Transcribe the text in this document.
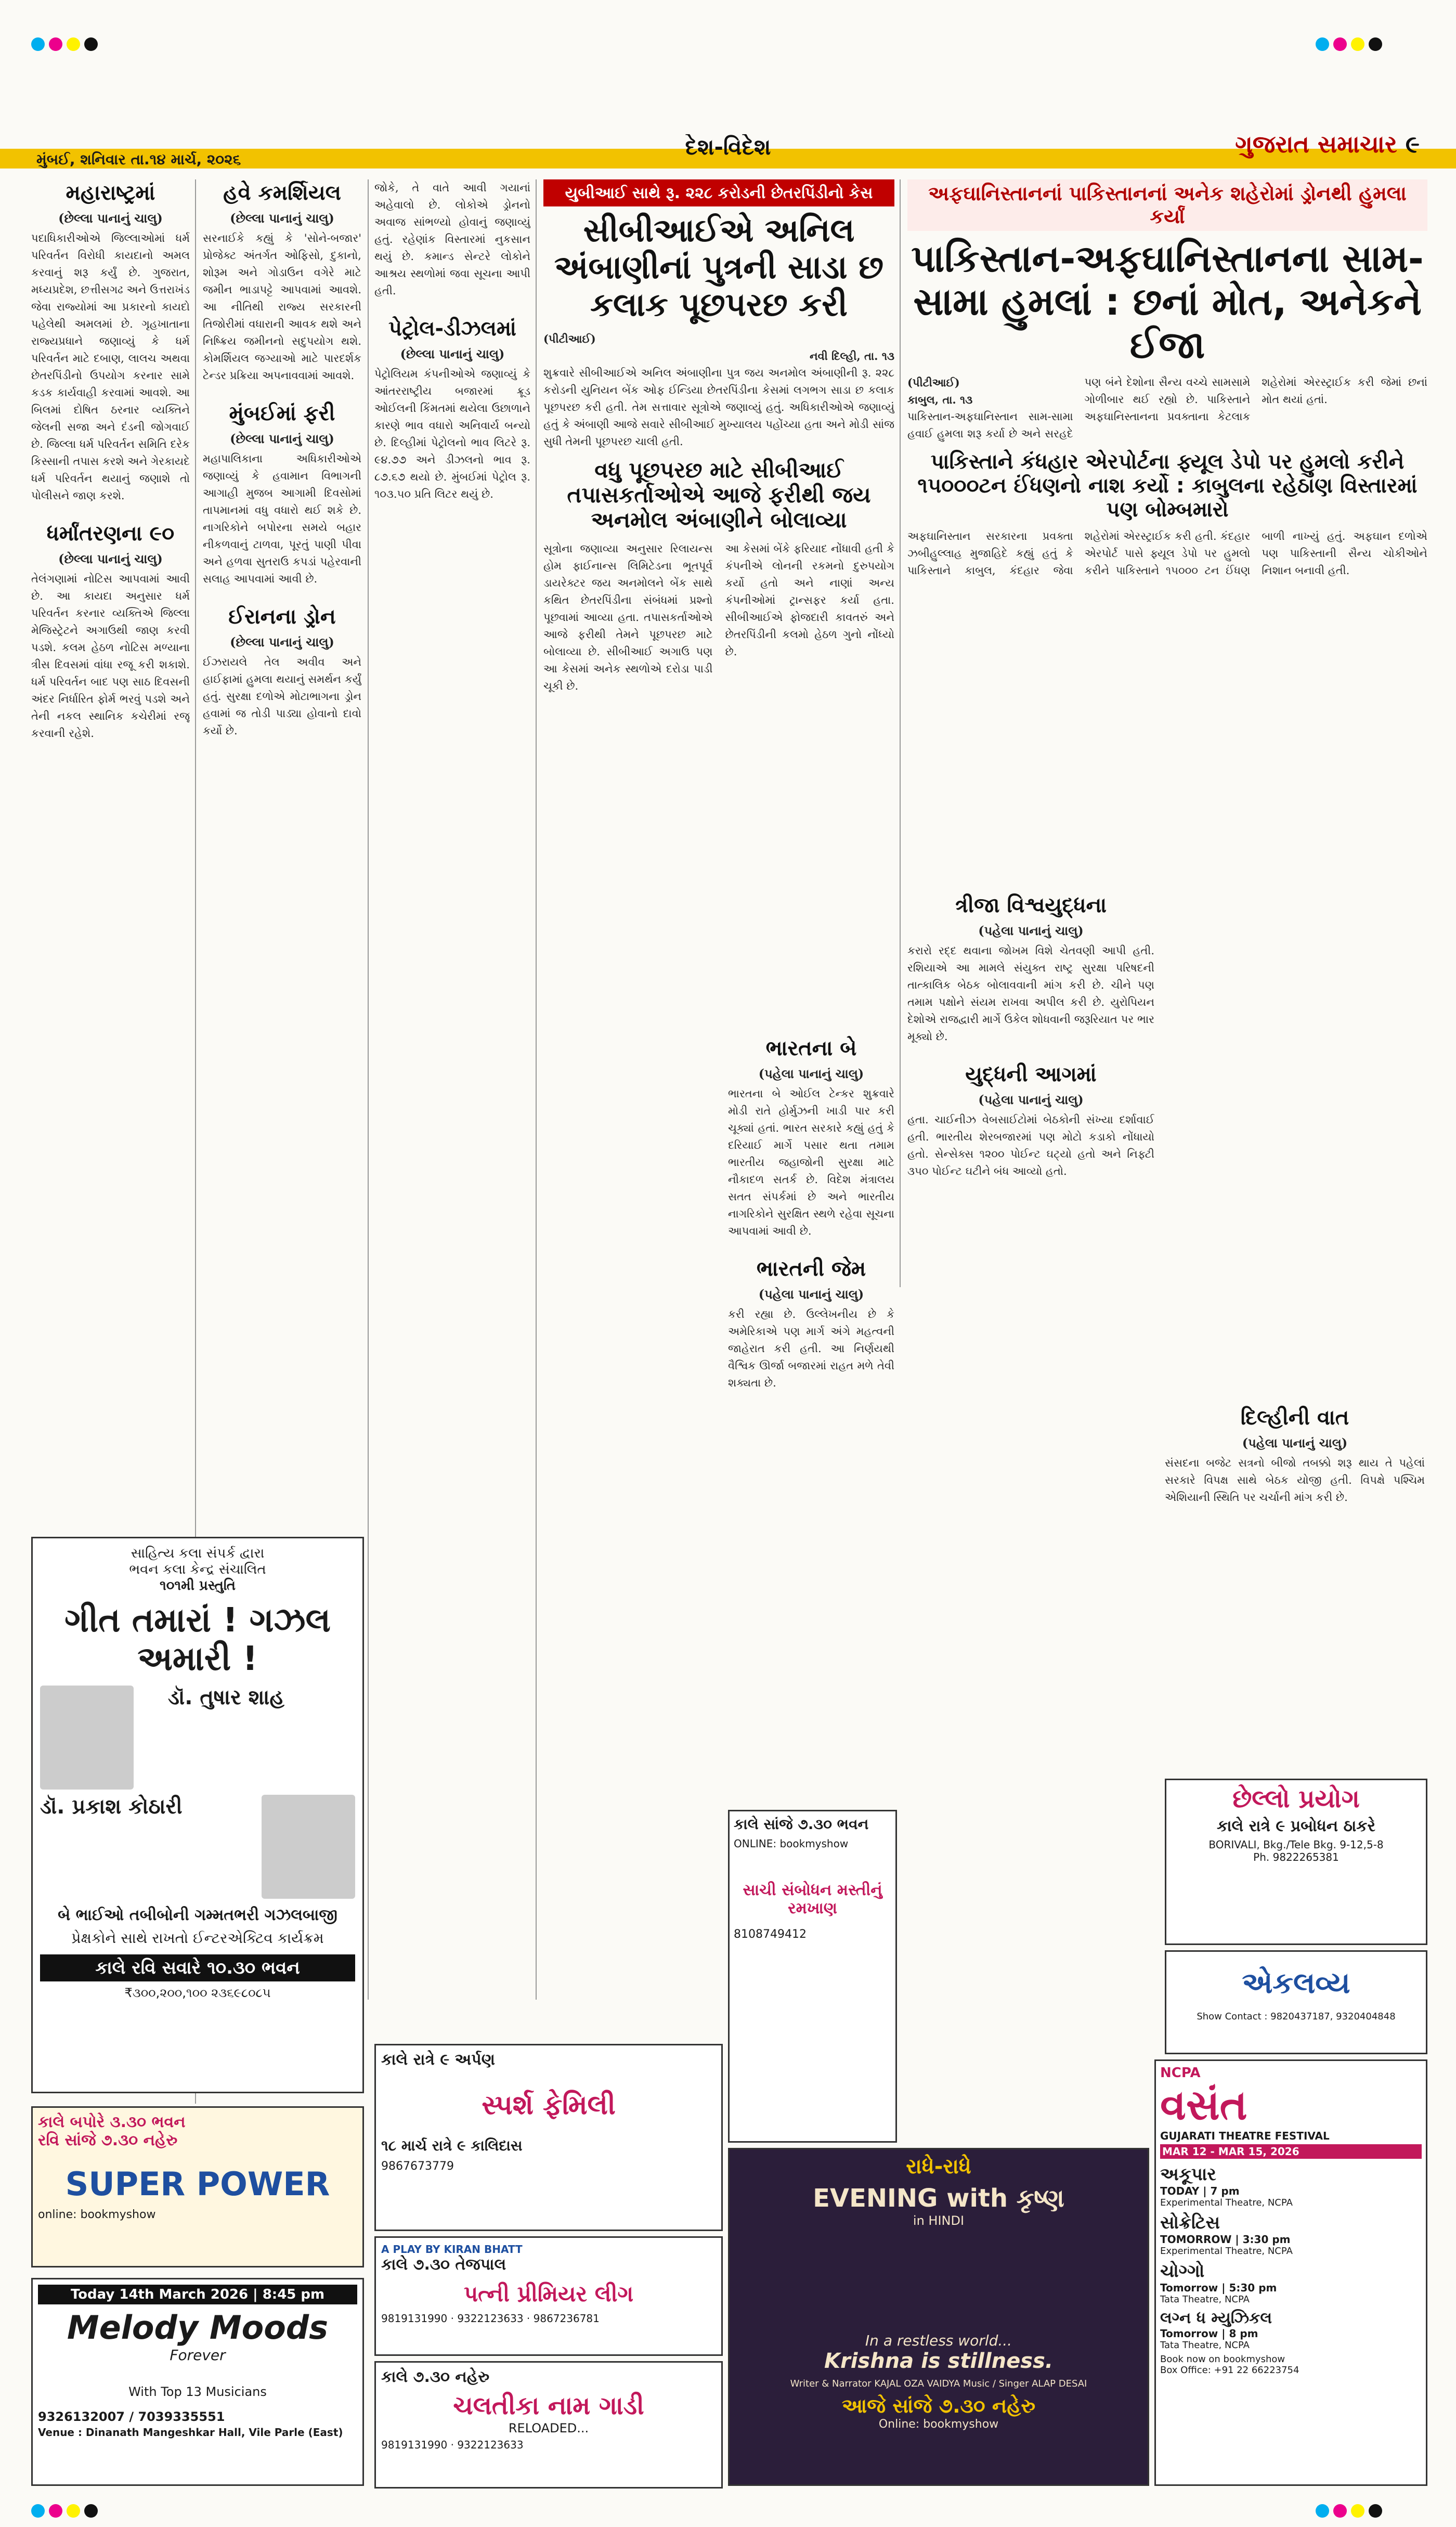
મુંબઈ, શનિવાર તા.૧૪ માર્ચ, ૨૦૨૬	દેશ-વિદેશ	ગુજરાત સમાચાર ૯
મહારાષ્ટ્રમાં
(છેલ્લા પાનાનું ચાલુ)

પદાધિકારીઓએ જિલ્લાઓમાં ધર્મ પરિવર્તન વિરોધી કાયદાનો અમલ કરવાનું શરૂ કર્યું છે. ગુજરાત, મધ્યપ્રદેશ, છત્તીસગઢ અને ઉત્તરાખંડ જેવા રાજ્યોમાં આ પ્રકારનો કાયદો પહેલેથી અમલમાં છે. ગૃહખાતાના રાજ્યપ્રધાને જણાવ્યું કે ધર્મ પરિવર્તન માટે દબાણ, લાલચ અથવા છેતરપિંડીનો ઉપયોગ કરનાર સામે કડક કાર્યવાહી કરવામાં આવશે. આ બિલમાં દોષિત ઠરનાર વ્યક્તિને જેલની સજા અને દંડની જોગવાઈ છે. જિલ્લા ધર્મ પરિવર્તન સમિતિ દરેક કિસ્સાની તપાસ કરશે અને ગેરકાયદે ધર્મ પરિવર્તન થયાનું જણાશે તો પોલીસને જાણ કરશે.

ધર્માંતરણના ૯૦
(છેલ્લા પાનાનું ચાલુ)

તેલંગણામાં નોટિસ આપવામાં આવી છે. આ કાયદા અનુસાર ધર્મ પરિવર્તન કરનાર વ્યક્તિએ જિલ્લા મેજિસ્ટ્રેટને અગાઉથી જાણ કરવી પડશે. કલમ હેઠળ નોટિસ મળ્યાના ત્રીસ દિવસમાં વાંધા રજૂ કરી શકાશે. ધર્મ પરિવર્તન બાદ પણ સાઠ દિવસની અંદર નિર્ધારિત ફોર્મ ભરવું પડશે અને તેની નકલ સ્થાનિક કચેરીમાં રજૂ કરવાની રહેશે.

હવે કમર્શિયલ
(છેલ્લા પાનાનું ચાલુ)

સરનાઈકે કહ્યું કે 'સોને-બજાર' પ્રોજેક્ટ અંતર્ગત ઓફિસો, દુકાનો, શોરૂમ અને ગોડાઉન વગેરે માટે જમીન ભાડાપટ્ટે આપવામાં આવશે. આ નીતિથી રાજ્ય સરકારની તિજોરીમાં વધારાની આવક થશે અને નિષ્ક્રિય જમીનનો સદુપયોગ થશે. કોમર્શિયલ જગ્યાઓ માટે પારદર્શક ટેન્ડર પ્રક્રિયા અપનાવવામાં આવશે.

મુંબઈમાં ફરી
(છેલ્લા પાનાનું ચાલુ)

મહાપાલિકાના અધિકારીઓએ જણાવ્યું કે હવામાન વિભાગની આગાહી મુજબ આગામી દિવસોમાં તાપમાનમાં વધુ વધારો થઈ શકે છે. નાગરિકોને બપોરના સમયે બહાર નીકળવાનું ટાળવા, પૂરતું પાણી પીવા અને હળવા સુતરાઉ કપડાં પહેરવાની સલાહ આપવામાં આવી છે.

ઈરાનના ડ્રોન
(છેલ્લા પાનાનું ચાલુ)

ઈઝરાયલે તેલ અવીવ અને હાઈફામાં હુમલા થયાનું સમર્થન કર્યું હતું. સુરક્ષા દળોએ મોટાભાગના ડ્રોન હવામાં જ તોડી પાડ્યા હોવાનો દાવો કર્યો છે.

જોકે, તે વાતે આવી ગયાનાં અહેવાલો છે. લોકોએ ડ્રોનનો અવાજ સાંભળ્યો હોવાનું જણાવ્યું હતું. રહેણાંક વિસ્તારમાં નુકસાન થયું છે. કમાન્ડ સેન્ટરે લોકોને આશ્રય સ્થળોમાં જવા સૂચના આપી હતી.

પેટ્રોલ-ડીઝલમાં
(છેલ્લા પાનાનું ચાલુ)

પેટ્રોલિયમ કંપનીઓએ જણાવ્યું કે આંતરરાષ્ટ્રીય બજારમાં ક્રૂડ ઓઈલની કિંમતમાં થયેલા ઉછાળાને કારણે ભાવ વધારો અનિવાર્ય બન્યો છે. દિલ્હીમાં પેટ્રોલનો ભાવ લિટરે રૂ. ૯૪.૭૭ અને ડીઝલનો ભાવ રૂ. ૮૭.૬૭ થયો છે. મુંબઈમાં પેટ્રોલ રૂ. ૧૦૩.૫૦ પ્રતિ લિટર થયું છે.

યુબીઆઈ સાથે રૂ. ૨૨૮ કરોડની છેતરપિંડીનો કેસ
સીબીઆઈએ અનિલ અંબાણીનાં પુત્રની સાડા છ કલાક પૂછપરછ કરી
(પીટીઆઈ)
નવી દિલ્હી, તા. ૧૩

શુક્રવારે સીબીઆઈએ અનિલ અંબાણીના પુત્ર જય અનમોલ અંબાણીની રૂ. ૨૨૮ કરોડની યુનિયન બેંક ઓફ ઈન્ડિયા છેતરપિંડીના કેસમાં લગભગ સાડા છ કલાક પૂછપરછ કરી હતી. તેમ સત્તાવાર સૂત્રોએ જણાવ્યું હતું. અધિકારીઓએ જણાવ્યું હતું કે અંબાણી આજે સવારે સીબીઆઈ મુખ્યાલય પહોંચ્યા હતા અને મોડી સાંજ સુધી તેમની પૂછપરછ ચાલી હતી.

વધુ પૂછપરછ માટે સીબીઆઈ તપાસકર્તાઓએ આજે ફરીથી જય અનમોલ અંબાણીને બોલાવ્યા

સૂત્રોના જણાવ્યા અનુસાર રિલાયન્સ હોમ ફાઈનાન્સ લિમિટેડના ભૂતપૂર્વ ડાયરેક્ટર જય અનમોલને બેંક સાથે કથિત છેતરપિંડીના સંબંધમાં પ્રશ્નો પૂછવામાં આવ્યા હતા. તપાસકર્તાઓએ આજે ફરીથી તેમને પૂછપરછ માટે બોલાવ્યા છે. સીબીઆઈ અગાઉ પણ આ કેસમાં અનેક સ્થળોએ દરોડા પાડી ચૂકી છે.

આ કેસમાં બેંકે ફરિયાદ નોંધાવી હતી કે કંપનીએ લોનની રકમનો દુરુપયોગ કર્યો હતો અને નાણાં અન્ય કંપનીઓમાં ટ્રાન્સફર કર્યા હતા. સીબીઆઈએ ફોજદારી કાવતરું અને છેતરપિંડીની કલમો હેઠળ ગુનો નોંધ્યો છે.

અફઘાનિસ્તાનનાં પાકિસ્તાનનાં અનેક શહેરોમાં ડ્રોનથી હુમલા કર્યાં
પાકિસ્તાન-અફઘાનિસ્તાનના સામ-સામા હુમલાં : છનાં મોત, અનેકને ઈજા
(પીટીઆઈ)
કાબુલ, તા. ૧૩

પાકિસ્તાન-અફઘાનિસ્તાન સામ-સામા હવાઈ હુમલા શરૂ કર્યા છે અને સરહદે પણ બંને દેશોના સૈન્ય વચ્ચે સામસામે ગોળીબાર થઈ રહ્યો છે. પાકિસ્તાને અફઘાનિસ્તાનના પ્રવક્તાના કેટલાક શહેરોમાં એરસ્ટ્રાઈક કરી જેમાં છનાં મોત થયાં હતાં.

પાકિસ્તાને કંધહાર એરપોર્ટના ફ્યૂલ ડેપો પર હુમલો કરીને ૧૫૦૦૦ટન ઈંધણનો નાશ કર્યો : કાબુલના રહેઠાણ વિસ્તારમાં પણ બોમ્બમારો

અફઘાનિસ્તાન સરકારના પ્રવક્તા ઝબીહુલ્લાહ મુજાહિદે કહ્યું હતું કે પાકિસ્તાને કાબુલ, કંદહાર જેવા શહેરોમાં એરસ્ટ્રાઈક કરી હતી. કંદહાર એરપોર્ટ પાસે ફ્યૂલ ડેપો પર હુમલો કરીને પાકિસ્તાને ૧૫૦૦૦ ટન ઈંધણ બાળી નાખ્યું હતું. અફઘાન દળોએ પણ પાકિસ્તાની સૈન્ય ચોકીઓને નિશાન બનાવી હતી.

ત્રીજા વિશ્વયુદ્ધના
(પહેલા પાનાનું ચાલુ)

કરારો રદ્દ થવાના જોખમ વિશે ચેતવણી આપી હતી. રશિયાએ આ મામલે સંયુક્ત રાષ્ટ્ર સુરક્ષા પરિષદની તાત્કાલિક બેઠક બોલાવવાની માંગ કરી છે. ચીને પણ તમામ પક્ષોને સંયમ રાખવા અપીલ કરી છે. યુરોપિયન દેશોએ રાજદ્વારી માર્ગે ઉકેલ શોધવાની જરૂરિયાત પર ભાર મૂક્યો છે.

યુદ્ધની આગમાં
(પહેલા પાનાનું ચાલુ)

હતા. ચાઈનીઝ વેબસાઈટોમાં બેઠકોની સંખ્યા દર્શાવાઈ હતી. ભારતીય શેરબજારમાં પણ મોટો કડાકો નોંધાયો હતો. સેન્સેક્સ ૧૨૦૦ પોઈન્ટ ઘટ્યો હતો અને નિફ્ટી ૩૫૦ પોઈન્ટ ઘટીને બંધ આવ્યો હતો.

દિલ્હીની વાત
(પહેલા પાનાનું ચાલુ)

સંસદના બજેટ સત્રનો બીજો તબક્કો શરૂ થાય તે પહેલાં સરકારે વિપક્ષ સાથે બેઠક યોજી હતી. વિપક્ષે પશ્ચિમ એશિયાની સ્થિતિ પર ચર્ચાની માંગ કરી છે.

ભારતના બે
(પહેલા પાનાનું ચાલુ)

ભારતના બે ઓઈલ ટેન્કર શુક્રવારે મોડી રાતે હોર્મુઝની ખાડી પાર કરી ચૂક્યાં હતાં. ભારત સરકારે કહ્યું હતું કે દરિયાઈ માર્ગે પસાર થતા તમામ ભારતીય જહાજોની સુરક્ષા માટે નૌકાદળ સતર્ક છે. વિદેશ મંત્રાલય સતત સંપર્કમાં છે અને ભારતીય નાગરિકોને સુરક્ષિત સ્થળે રહેવા સૂચના આપવામાં આવી છે.

ભારતની જેમ
(પહેલા પાનાનું ચાલુ)

કરી રહ્યા છે. ઉલ્લેખનીય છે કે અમેરિકાએ પણ માર્ગ અંગે મહત્વની જાહેરાત કરી હતી. આ નિર્ણયથી વૈશ્વિક ઊર્જા બજારમાં રાહત મળે તેવી શક્યતા છે.

સાહિત્ય કલા સંપર્ક દ્વારા
ભવન કલા કેન્દ્ર સંચાલિત
૧૦૧મી પ્રસ્તુતિ
ગીત તમારાં ! ગઝલ અમારી !
ડૉ. તુષાર શાહ
ડૉ. પ્રકાશ કોઠારી
બે ભાઈઓ તબીબોની ગમ્મતભરી ગઝલબાજી
પ્રેક્ષકોને સાથે રાખતો ઈન્ટરએક્ટિવ કાર્યક્રમ
કાલે રવિ સવારે ૧૦.૩૦
ભવન
₹૩૦૦,૨૦૦,૧૦૦
૨૩૬૯૮૦૮૫
કાલે બપોરે ૩.૩૦ ભવન
રવિ સાંજે ૭.૩૦ નહેરુ
SUPER POWER
online: bookmyshow
Today 14th March 2026 | 8:45 pm
Melody Moods
Forever
With Top 13 Musicians
9326132007 / 7039335551
Venue : Dinanath Mangeshkar Hall, Vile Parle (East)
કાલે રાત્રે ૯ અર્પણ
સ્પર્શ ફેમિલી
૧૮ માર્ચ રાત્રે ૯ કાલિદાસ
9867673779
A PLAY BY KIRAN BHATT
કાલે ૭.૩૦ તેજપાલ
પત્ની પ્રીમિયર લીગ
9819131990 · 9322123633 · 9867236781
કાલે સાંજે ૭.૩૦ ભવન
ONLINE: bookmyshow
સાચી સંબોધન મસ્તીનું રમખાણ
8108749412
કાલે ૭.૩૦ નહેરુ
ચલતીકા નામ ગાડી
RELOADED...
9819131990 · 9322123633
રાધે-રાધે
EVENING with કૃષ્ણ
in HINDI
In a restless world...
Krishna is stillness.
Writer & Narrator KAJAL OZA VAIDYA Music / Singer ALAP DESAI
આજે સાંજે ૭.૩૦ નહેરુ
Online: bookmyshow
છેલ્લો પ્રયોગ
કાલે રાત્રે ૯ પ્રબોધન ઠાકરે
BORIVALI, Bkg./Tele Bkg. 9-12,5-8
Ph. 9822265381
એકલવ્ય
Show Contact : 9820437187, 9320404848
NCPA
વસંત
GUJARATI THEATRE FESTIVAL
MAR 12 - MAR 15, 2026
અકૂપાર
TODAY | 7 pm
Experimental Theatre, NCPA
સોક્રેટિસ
TOMORROW | 3:30 pm
Experimental Theatre, NCPA
ચોગ્ગો
Tomorrow | 5:30 pm
Tata Theatre, NCPA
લગ્ન ધ મ્યુઝિકલ
Tomorrow | 8 pm
Tata Theatre, NCPA
Book now on bookmyshow
Box Office: +91 22 66223754
